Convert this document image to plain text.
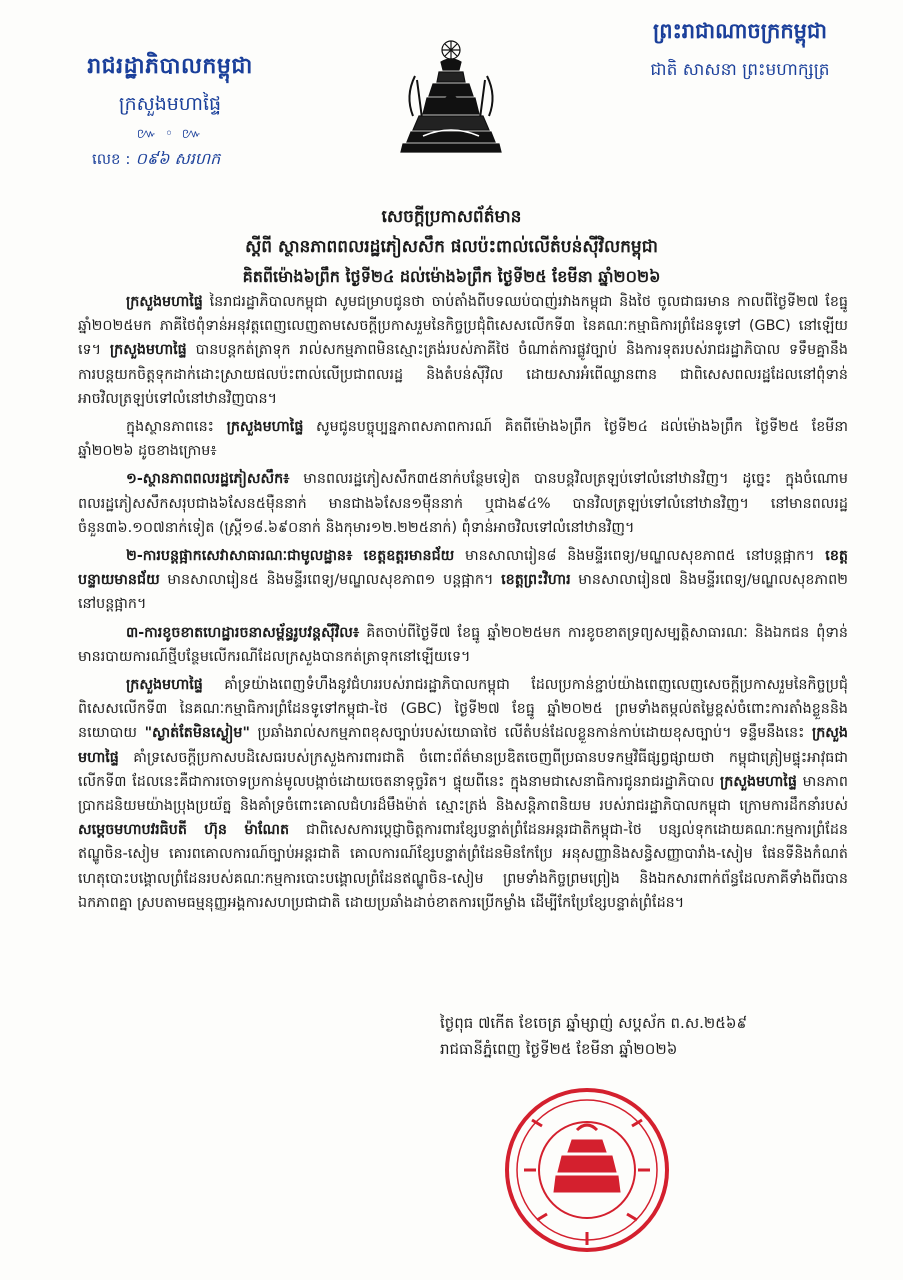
រាជរដ្ឋាភិបាលកម្ពុជា
ក្រសួងមហាផ្ទៃ
៚ ◦ ៚
លេខ : ០៩៦ សរហក
ព្រះរាជាណាចក្រកម្ពុជា
ជាតិ សាសនា ព្រះមហាក្សត្រ
សេចក្ដីប្រកាសព័ត៌មាន
ស្ដីពី ស្ថានភាពពលរដ្ឋភៀសសឹក ផលប៉ះពាល់លើតំបន់ស៊ីវិលកម្ពុជា
គិតពីម៉ោង៦ព្រឹក ថ្ងៃទី២៤ ដល់ម៉ោង៦ព្រឹក ថ្ងៃទី២៥ ខែមីនា ឆ្នាំ២០២៦

ក្រសួងមហាផ្ទៃ នៃរាជរដ្ឋាភិបាលកម្ពុជា សូមជម្រាបជូនថា ចាប់តាំងពីបទឈប់បាញ់រវាងកម្ពុជា និងថៃ ចូលជាធរមាន កាលពីថ្ងៃទី២៧ ខែធ្នូ ឆ្នាំ២០២៥មក ភាគីថៃពុំទាន់អនុវត្តពេញលេញតាមសេចក្ដីប្រកាសរួមនៃកិច្ចប្រជុំពិសេសលើកទី៣ នៃគណៈកម្មាធិការព្រំដែនទូទៅ (GBC) នៅឡើយទេ។ ក្រសួងមហាផ្ទៃ បានបន្តកត់ត្រាទុក រាល់សកម្មភាពមិនស្មោះត្រង់របស់ភាគីថៃ ចំណាត់ការផ្លូវច្បាប់ និងការទុតរបស់រាជរដ្ឋាភិបាល ទទឹមគ្នានឹងការបន្ដយកចិត្តទុកដាក់ដោះស្រាយផលប៉ះពាល់លើប្រជាពលរដ្ឋ និងតំបន់ស៊ីវិល ដោយសារអំពើឈ្លានពាន ជាពិសេសពលរដ្ឋដែលនៅពុំទាន់អាចវិលត្រឡប់ទៅលំនៅឋានវិញបាន។

ក្នុងស្ថានភាពនេះ ក្រសួងមហាផ្ទៃ សូមជូនបច្ចុប្បន្នភាពសភាពការណ៍ គិតពីម៉ោង៦ព្រឹក ថ្ងៃទី២៤ ដល់ម៉ោង៦ព្រឹក ថ្ងៃទី២៥ ខែមីនា ឆ្នាំ២០២៦ ដូចខាងក្រោម៖

១-ស្ថានភាពពលរដ្ឋភៀសសឹក៖ មានពលរដ្ឋភៀសសឹក៣៥នាក់បន្ថែមទៀត បានបន្តវិលត្រឡប់ទៅលំនៅឋានវិញ។ ដូច្នេះ ក្នុងចំណោមពលរដ្ឋភៀសសឹកសរុបជាង៦សែន៥ម៉ឺននាក់ មានជាង៦សែន១ម៉ឺននាក់ ឬជាង៩៤% បានវិលត្រឡប់ទៅលំនៅឋានវិញ។ នៅមានពលរដ្ឋចំនួន៣៦.១០៧នាក់ទៀត (ស្ត្រី១៨.៦៩០នាក់ និងកុមារ១២.២២៥នាក់) ពុំទាន់អាចវិលទៅលំនៅឋានវិញ។

២-ការបន្តផ្អាកសេវាសាធារណៈជាមូលដ្ឋាន៖ ខេត្តឧត្តរមានជ័យ មានសាលារៀន៨ និងមន្ទីរពេទ្យ/មណ្ឌលសុខភាព៥ នៅបន្តផ្អាក។ ខេត្តបន្ទាយមានជ័យ មានសាលារៀន៥ និងមន្ទីរពេទ្យ/មណ្ឌលសុខភាព១ បន្តផ្អាក។ ខេត្តព្រះវិហារ មានសាលារៀន៧ និងមន្ទីរពេទ្យ/មណ្ឌលសុខភាព២ នៅបន្តផ្អាក។

៣-ការខូចខាតហេដ្ឋារចនាសម្ព័ន្ធរូបវន្តស៊ីវិល៖ គិតចាប់ពីថ្ងៃទី៧ ខែធ្នូ ឆ្នាំ២០២៥មក ការខូចខាតទ្រព្យសម្បត្តិសាធារណៈ និងឯកជន ពុំទាន់មានរបាយការណ៍ថ្មីបន្ថែមលើករណីដែលក្រសួងបានកត់ត្រាទុកនៅឡើយទេ។

ក្រសួងមហាផ្ទៃ គាំទ្រយ៉ាងពេញទំហឹងនូវជំហររបស់រាជរដ្ឋាភិបាលកម្ពុជា ដែលប្រកាន់ខ្ជាប់យ៉ាងពេញលេញសេចក្ដីប្រកាសរួមនៃកិច្ចប្រជុំពិសេសលើកទី៣ នៃគណៈកម្មាធិការព្រំដែនទូទៅកម្ពុជា-ថៃ (GBC) ថ្ងៃទី២៧ ខែធ្នូ ឆ្នាំ២០២៥ ព្រមទាំងតម្កល់តម្លៃខ្ពស់ចំពោះការតាំងខ្លួននិងនយោបាយ "ស្ងាត់តែមិនស្ងៀម" ប្រឆាំងរាល់សកម្មភាពខុសច្បាប់របស់យោធាថៃ លើតំបន់ដែលខ្លួនកាន់កាប់ដោយខុសច្បាប់។ ទន្ទឹមនឹងនេះ ក្រសួងមហាផ្ទៃ គាំទ្រសេចក្ដីប្រកាសបដិសេធរបស់ក្រសួងការពារជាតិ ចំពោះព័ត៌មានប្រឌិតចេញពីប្រធានបទកម្មវិធីផ្សព្វផ្សាយថា កម្ពុជាត្រៀមផ្ទុះអាវុធជាលើកទី៣ ដែលនេះគឺជាការចោទប្រកាន់មូលបង្កាច់ដោយចេតនាទុច្ចរិត។ ផ្ទុយពីនេះ ក្នុងនាមជាសេនាធិការជូនរាជរដ្ឋាភិបាល ក្រសួងមហាផ្ទៃ មានភាពប្រាកដនិយមយ៉ាងប្រុងប្រយ័ត្ន និងគាំទ្រចំពោះគោលជំហរដ៏មឹងម៉ាត់ ស្មោះត្រង់ និងសន្តិភាពនិយម របស់រាជរដ្ឋាភិបាលកម្ពុជា ក្រោមការដឹកនាំរបស់ សម្ដេចមហាបវរធិបតី ហ៊ុន ម៉ាណែត ជាពិសេសការប្ដេជ្ញាចិត្តការពារខ្សែបន្ទាត់ព្រំដែនអន្តរជាតិកម្ពុជា-ថៃ បន្សល់ទុកដោយគណៈកម្មការព្រំដែនឥណ្ឌូចិន-សៀម គោរពគោលការណ៍ច្បាប់អន្តរជាតិ គោលការណ៍ខ្សែបន្ទាត់ព្រំដែនមិនកែប្រែ អនុសញ្ញានិងសន្ធិសញ្ញាបារាំង-សៀម ផែនទីនិងកំណត់ហេតុបោះបង្គោលព្រំដែនរបស់គណៈកម្មការបោះបង្គោលព្រំដែនឥណ្ឌូចិន-សៀម ព្រមទាំងកិច្ចព្រមព្រៀង និងឯកសារពាក់ព័ន្ធដែលភាគីទាំងពីរបានឯកភាពគ្នា ស្របតាមធម្មនុញ្ញអង្គការសហប្រជាជាតិ ដោយប្រឆាំងដាច់ខាតការប្រើកម្លាំង ដើម្បីកែប្រែខ្សែបន្ទាត់ព្រំដែន។

ថ្ងៃពុធ ៧កើត ខែចេត្រ ឆ្នាំម្សាញ់ សប្តស័ក ព.ស.២៥៦៩
រាជធានីភ្នំពេញ ថ្ងៃទី២៥ ខែមីនា ឆ្នាំ២០២៦
